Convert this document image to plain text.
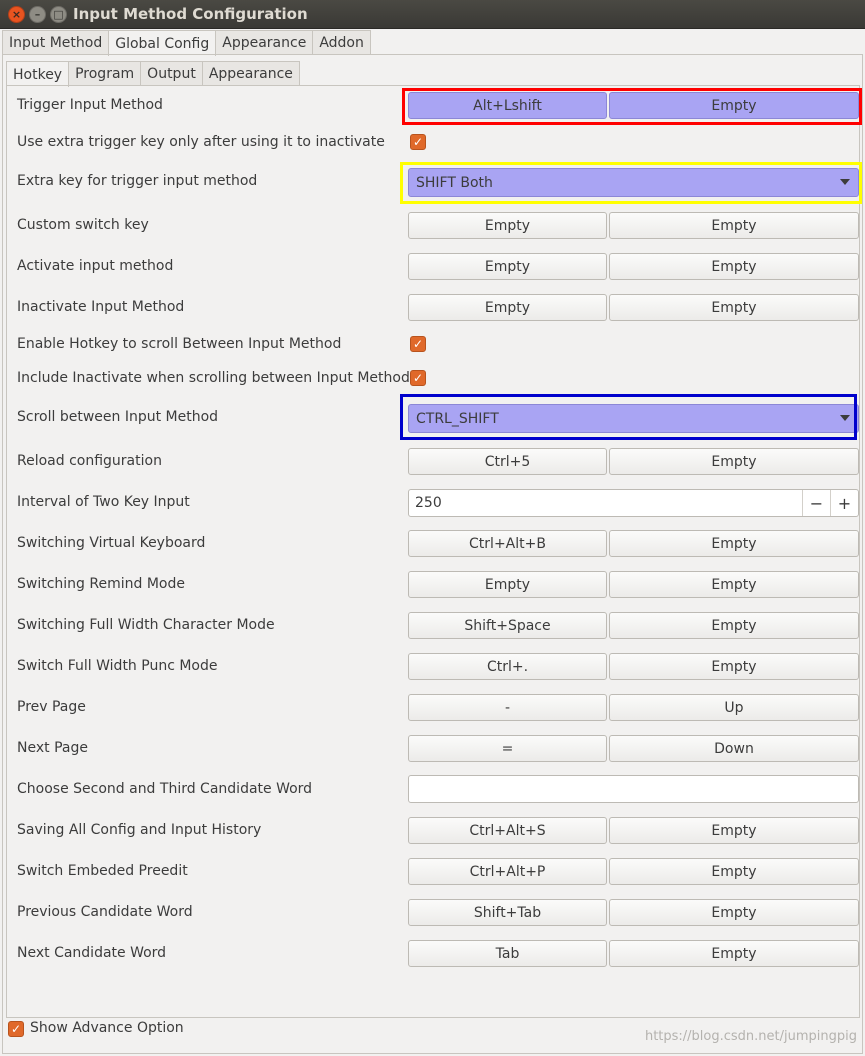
×	–	□ Input Method Configuration
Input Method Global Config Appearance Addon
Hotkey Program Output Appearance
Trigger Input Method	Alt+Lshift	Empty
Use extra trigger key only after using it to inactivate ✓
Extra key for trigger input method	SHIFT Both
Custom switch key	Empty	Empty
Activate input method	Empty	Empty
Inactivate Input Method	Empty	Empty
Enable Hotkey to scroll Between Input Method	✓
Include Inactivate when scrolling between Input Method ✓
Scroll between Input Method	CTRL_SHIFT
Reload configuration	Ctrl+5	Empty
Interval of Two Key Input	250	− +
Switching Virtual Keyboard	Ctrl+Alt+B	Empty
Switching Remind Mode	Empty	Empty
Switching Full Width Character Mode	Shift+Space	Empty
Switch Full Width Punc Mode	Ctrl+.	Empty
Prev Page	-	Up
Next Page	=	Down
Choose Second and Third Candidate Word
Saving All Config and Input History	Ctrl+Alt+S	Empty
Switch Embeded Preedit	Ctrl+Alt+P	Empty
Previous Candidate Word	Shift+Tab	Empty
Next Candidate Word	Tab	Empty
✓ Show Advance Option
https://blog.csdn.net/jumpingpig
